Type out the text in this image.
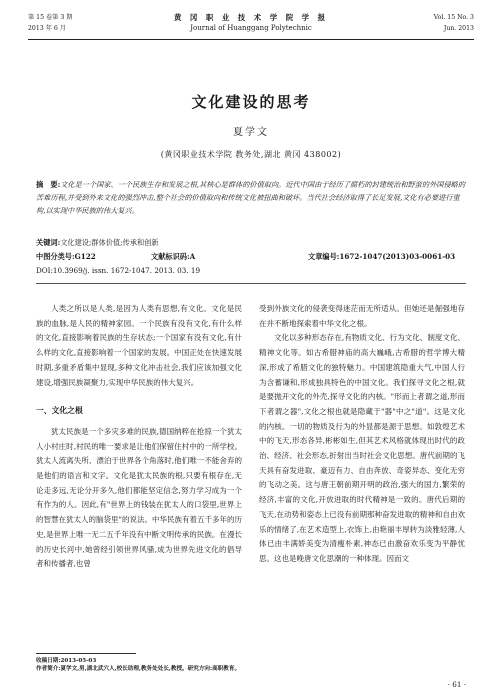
第 15 卷第 3 期
2013 年 6 月
黄 冈 职 业 技 术 学 院 学 报
Journal of Huanggang Polytechnic
Vol. 15 No. 3
Jun. 2013
文化建设的思考
夏学文
(黄冈职业技术学院 教务处,湖北 黄冈 438002)
摘　要:文化是一个国家、一个民族生存和发展之根,其核心是群体的价值取向。近代中国由于经历了腐朽的封建统治和野蛮的外国侵略的苦难历程,并受到外来文化的强烈冲击,整个社会的价值取向和传统文化被扭曲和破坏。当代社会经济取得了长足发展,文化有必要进行重构,以实现中华民族的伟大复兴。
关键词:文化建设;群体价值;传承和创新
中图分类号:G122	文献标识码:A	文章编号:1672-1047(2013)03-0061-03
DOI:10.3969/j. issn. 1672-1047. 2013. 03. 19

人类之所以是人类,是因为人类有思想,有文化。文化是民族的血脉,是人民的精神家园。一个民族有没有文化,有什么样的文化,直接影响着民族的生存状态;一个国家有没有文化,有什么样的文化,直接影响着一个国家的发展。中国正处在快速发展时期,多重矛盾集中显现,多种文化冲击社会,我们应该加强文化建设,增强民族凝聚力,实现中华民族的伟大复兴。

一、文化之根

犹太民族是一个多灾多难的民族,德国纳粹在抢掠一个犹太人小村庄时,村民的唯一要求是让他们保留住村中的一所学校。犹太人流离失所、漂泊于世界各个角落时,他们唯一不能舍弃的是他们的语言和文字。文化是犹太民族的根,只要有根存在,无论走多远,无论分开多久,他们都能坚定信念,努力学习成为一个有作为的人。因此,有"世界上的钱装在犹太人的口袋里,世界上的智慧在犹太人的脑袋里"的说法。中华民族有着五千多年的历史,是世界上唯一无二五千年没有中断文明传承的民族。在漫长的历史长河中,她曾经引领世界风骚,成为世界先进文化的倡导者和传播者,也曾

受到外族文化的侵袭变得迷茫而无所适从。但她还是倔强地存在并不断地探索着中华文化之根。

文化以多种形态存在,有物质文化、行为文化、制度文化、精神文化等。如古希腊神庙的高大巍峨,古希腊的哲学博大精深,形成了希腊文化的独特魅力。中国建筑隐重大气,中国人行为含蓄谦和,形成独具特色的中国文化。我们探寻文化之根,就是要抛开文化的外壳,探寻文化的内核。"形而上者谓之道,形而下者谓之器",文化之根也就是隐藏于"器"中之"道"。这是文化的内核。一切的物质及行为的外显都是源于思想。如敦煌艺术中的飞天,形态各异,彬彬如生,但其艺术风格就体现出时代的政治、经济、社会形态,折射出当时社会文化思想。唐代前期的飞天具有奋发进取、豪迈有力、自由奔放、奇姿异态、变化无穷的飞动之美。这与唐王朝前期开明的政治,强大的国力,繁荣的经济,丰富的文化,开放进取的时代精神是一致的。唐代后期的飞天,在动势和姿态上已没有前期那种奋发进取的精神和自由欢乐的情绪了,在艺术造型上,衣饰上,由艳丽丰厚转为淡雅轻薄,人体已由丰满娇美变为清瘦朴素,神态已由激奋欢乐变为平静忧思。这也是晚唐文化思潮的一种体现。因而文

收稿日期:2013-05-03
作者简介:夏学文,男,湖北武穴人,校长助理,教务处处长,教授。研究方向:高职教育。
· 61 ·
